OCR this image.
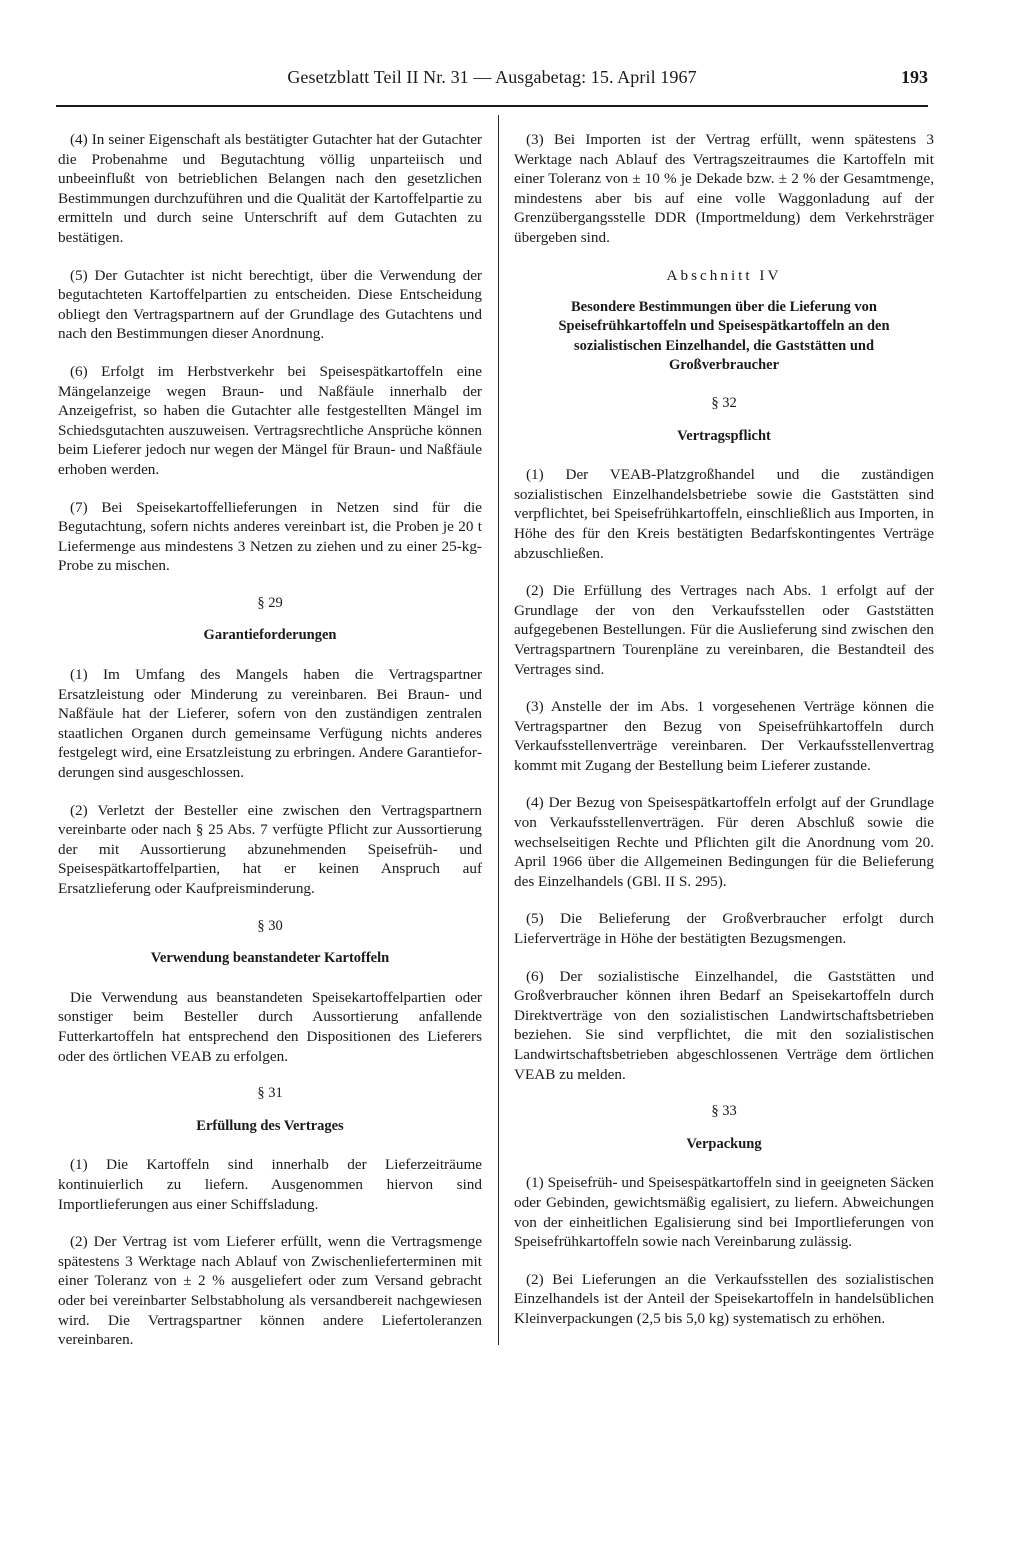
Gesetzblatt Teil II Nr. 31 — Ausgabetag: 15. April 1967	193

(4) In seiner Eigenschaft als bestätigter Gutachter hat der Gutachter die Probenahme und Begutachtung völlig unparteiisch und unbeeinflußt von betrieblichen Belangen nach den gesetzlichen Bestimmungen durchzuführen und die Qualität der Kartoffelpartie zu ermitteln und durch seine Unterschrift auf dem Gutachten zu bestätigen.

(5) Der Gutachter ist nicht berechtigt, über die Verwendung der begutachteten Kartoffelpartien zu entscheiden. Diese Entscheidung obliegt den Vertragspartnern auf der Grundlage des Gutachtens und nach den Bestimmungen dieser Anordnung.

(6) Erfolgt im Herbstverkehr bei Speisespätkartoffeln eine Mängelanzeige wegen Braun- und Naßfäule innerhalb der Anzeigefrist, so haben die Gutachter alle festgestellten Mängel im Schiedsgutachten auszuweisen. Vertragsrechtliche Ansprüche können beim Lieferer jedoch nur wegen der Mängel für Braun- und Naßfäule erhoben werden.

(7) Bei Speisekartoffellieferungen in Netzen sind für die Begutachtung, sofern nichts anderes vereinbart ist, die Proben je 20 t Liefermenge aus mindestens 3 Netzen zu ziehen und zu einer 25-kg-Probe zu mischen.

§ 29
Garantieforderungen

(1) Im Umfang des Mangels haben die Vertragspartner Ersatzleistung oder Minderung zu vereinbaren. Bei Braun- und Naßfäule hat der Lieferer, sofern von den zuständigen zentralen staatlichen Organen durch gemeinsame Verfügung nichts anderes festgelegt wird, eine Ersatzleistung zu erbringen. Andere Garantieforderungen sind ausgeschlossen.

(2) Verletzt der Besteller eine zwischen den Vertragspartnern vereinbarte oder nach § 25 Abs. 7 verfügte Pflicht zur Aussortierung der mit Aussortierung abzunehmenden Speisefrüh- und Speisespätkartoffelpartien, hat er keinen Anspruch auf Ersatzlieferung oder Kaufpreisminderung.

§ 30
Verwendung beanstandeter Kartoffeln

Die Verwendung aus beanstandeten Speisekartoffelpartien oder sonstiger beim Besteller durch Aussortierung anfallende Futterkartoffeln hat entsprechend den Dispositionen des Lieferers oder des örtlichen VEAB zu erfolgen.

§ 31
Erfüllung des Vertrages

(1) Die Kartoffeln sind innerhalb der Lieferzeiträume kontinuierlich zu liefern. Ausgenommen hiervon sind Importlieferungen aus einer Schiffsladung.

(2) Der Vertrag ist vom Lieferer erfüllt, wenn die Vertragsmenge spätestens 3 Werktage nach Ablauf von Zwischenlieferterminen mit einer Toleranz von ± 2 % ausgeliefert oder zum Versand gebracht oder bei vereinbarter Selbstabholung als versandbereit nachgewiesen wird. Die Vertragspartner können andere Liefertoleranzen vereinbaren.

(3) Bei Importen ist der Vertrag erfüllt, wenn spätestens 3 Werktage nach Ablauf des Vertragszeitraumes die Kartoffeln mit einer Toleranz von ± 10 % je Dekade bzw. ± 2 % der Gesamtmenge, mindestens aber bis auf eine volle Waggonladung auf der Grenzübergangsstelle DDR (Importmeldung) dem Verkehrsträger übergeben sind.

Abschnitt IV
Besondere Bestimmungen über die Lieferung von Speisefrühkartoffeln und Speisespätkartoffeln an den sozialistischen Einzelhandel, die Gaststätten und Großverbraucher
§ 32
Vertragspflicht

(1) Der VEAB-Platzgroßhandel und die zuständigen sozialistischen Einzelhandelsbetriebe sowie die Gaststätten sind verpflichtet, bei Speisefrühkartoffeln, einschließlich aus Importen, in Höhe des für den Kreis bestätigten Bedarfskontingentes Verträge abzuschließen.

(2) Die Erfüllung des Vertrages nach Abs. 1 erfolgt auf der Grundlage der von den Verkaufsstellen oder Gaststätten aufgegebenen Bestellungen. Für die Auslieferung sind zwischen den Vertragspartnern Tourenpläne zu vereinbaren, die Bestandteil des Vertrages sind.

(3) Anstelle der im Abs. 1 vorgesehenen Verträge können die Vertragspartner den Bezug von Speisefrühkartoffeln durch Verkaufsstellenverträge vereinbaren. Der Verkaufsstellenvertrag kommt mit Zugang der Bestellung beim Lieferer zustande.

(4) Der Bezug von Speisespätkartoffeln erfolgt auf der Grundlage von Verkaufsstellenverträgen. Für deren Abschluß sowie die wechselseitigen Rechte und Pflichten gilt die Anordnung vom 20. April 1966 über die Allgemeinen Bedingungen für die Belieferung des Einzelhandels (GBl. II S. 295).

(5) Die Belieferung der Großverbraucher erfolgt durch Lieferverträge in Höhe der bestätigten Bezugsmengen.

(6) Der sozialistische Einzelhandel, die Gaststätten und Großverbraucher können ihren Bedarf an Speisekartoffeln durch Direktverträge von den sozialistischen Landwirtschaftsbetrieben beziehen. Sie sind verpflichtet, die mit den sozialistischen Landwirtschaftsbetrieben abgeschlossenen Verträge dem örtlichen VEAB zu melden.

§ 33
Verpackung

(1) Speisefrüh- und Speisespätkartoffeln sind in geeigneten Säcken oder Gebinden, gewichtsmäßig egalisiert, zu liefern. Abweichungen von der einheitlichen Egalisierung sind bei Importlieferungen von Speisefrühkartoffeln sowie nach Vereinbarung zulässig.

(2) Bei Lieferungen an die Verkaufsstellen des sozialistischen Einzelhandels ist der Anteil der Speisekartoffeln in handelsüblichen Kleinverpackungen (2,5 bis 5,0 kg) systematisch zu erhöhen.
